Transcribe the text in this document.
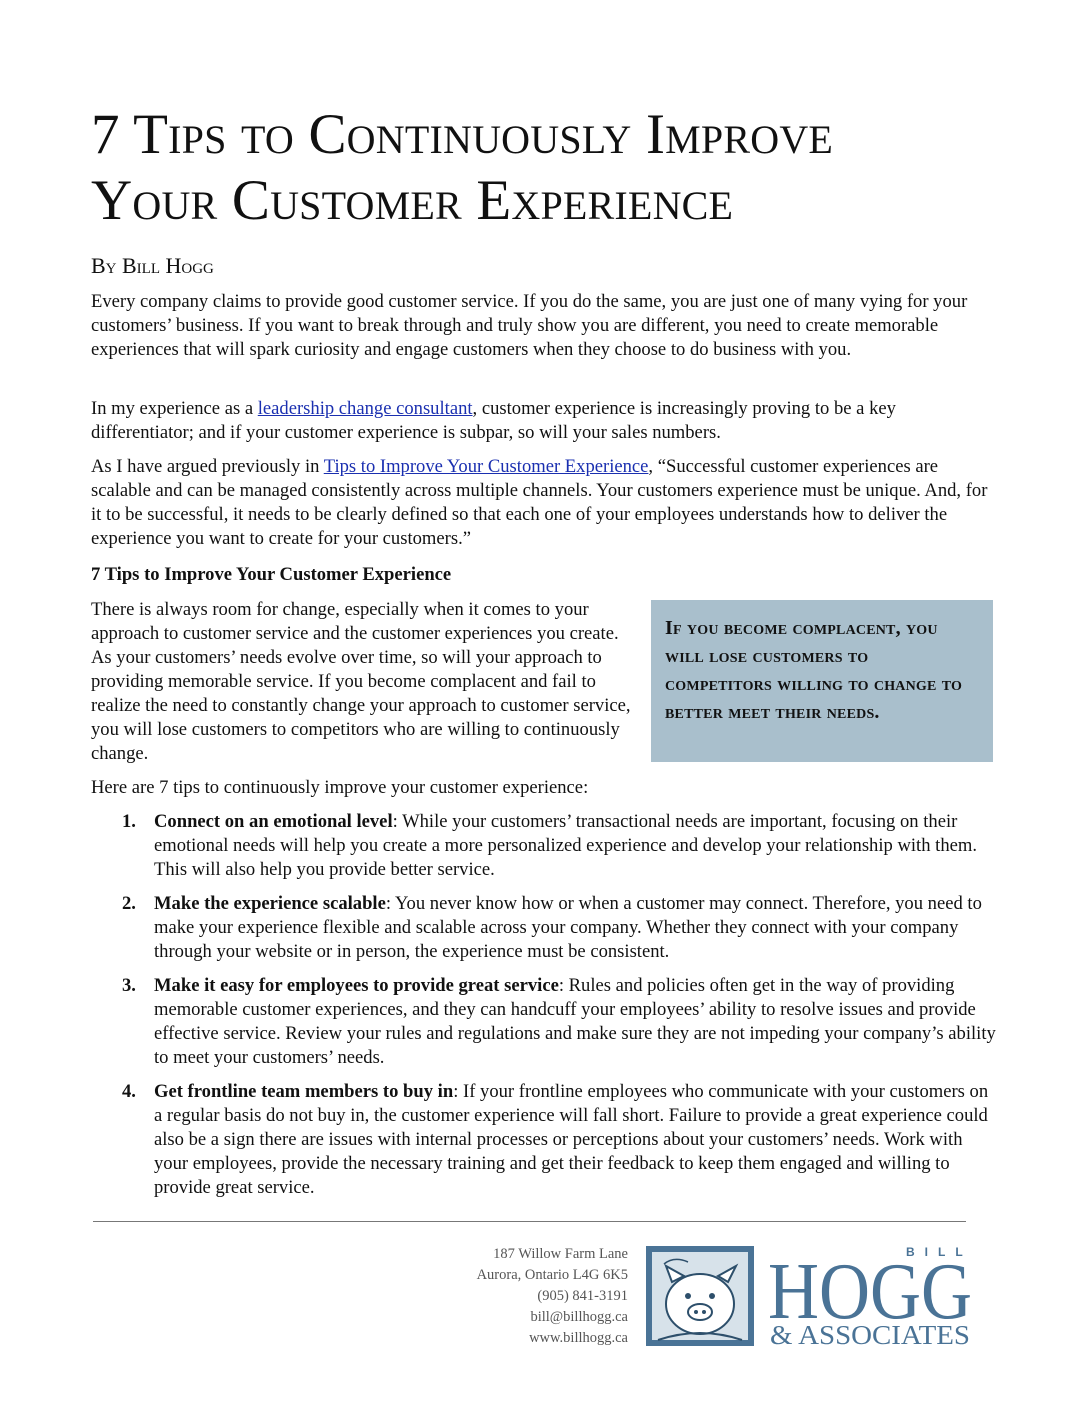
7 Tips to Continuously Improve
Your Customer Experience

By Bill Hogg

Every company claims to provide good customer service. If you do the same, you are just one of many vying for your customers’ business. If you want to break through and truly show you are different, you need to create memorable experiences that will spark curiosity and engage customers when they choose to do business with you.

In my experience as a leadership change consultant, customer experience is increasingly proving to be a key differentiator; and if your customer experience is subpar, so will your sales numbers.

As I have argued previously in Tips to Improve Your Customer Experience, “Successful customer experiences are scalable and can be managed consistently across multiple channels. Your customers experience must be unique. And, for it to be successful, it needs to be clearly defined so that each one of your employees understands how to deliver the experience you want to create for your customers.”

7 Tips to Improve Your Customer Experience

There is always room for change, especially when it comes to your approach to customer service and the customer experiences you create. As your customers’ needs evolve over time, so will your approach to providing memorable service. If you become complacent and fail to realize the need to constantly change your approach to customer service, you will lose customers to competitors who are willing to continuously change.

If you become complacent, you will lose customers to competitors willing to change to better meet their needs.

Here are 7 tips to continuously improve your customer experience:

1. Connect on an emotional level: While your customers’ transactional needs are important, focusing on their emotional needs will help you create a more personalized experience and develop your relationship with them. This will also help you provide better service.
2. Make the experience scalable: You never know how or when a customer may connect. Therefore, you need to make your experience flexible and scalable across your company. Whether they connect with your company through your website or in person, the experience must be consistent.
3. Make it easy for employees to provide great service: Rules and policies often get in the way of providing memorable customer experiences, and they can handcuff your employees’ ability to resolve issues and provide effective service. Review your rules and regulations and make sure they are not impeding your company’s ability to meet your customers’ needs.
4. Get frontline team members to buy in: If your frontline employees who communicate with your customers on a regular basis do not buy in, the customer experience will fall short. Failure to provide a great experience could also be a sign there are issues with internal processes or perceptions about your customers’ needs. Work with your employees, provide the necessary training and get their feedback to keep them engaged and willing to provide great service.
187 Willow Farm Lane
Aurora, Ontario L4G 6K5
(905) 841-3191
bill@billhogg.ca
www.billhogg.ca
BILL
HOGG
& ASSOCIATES
